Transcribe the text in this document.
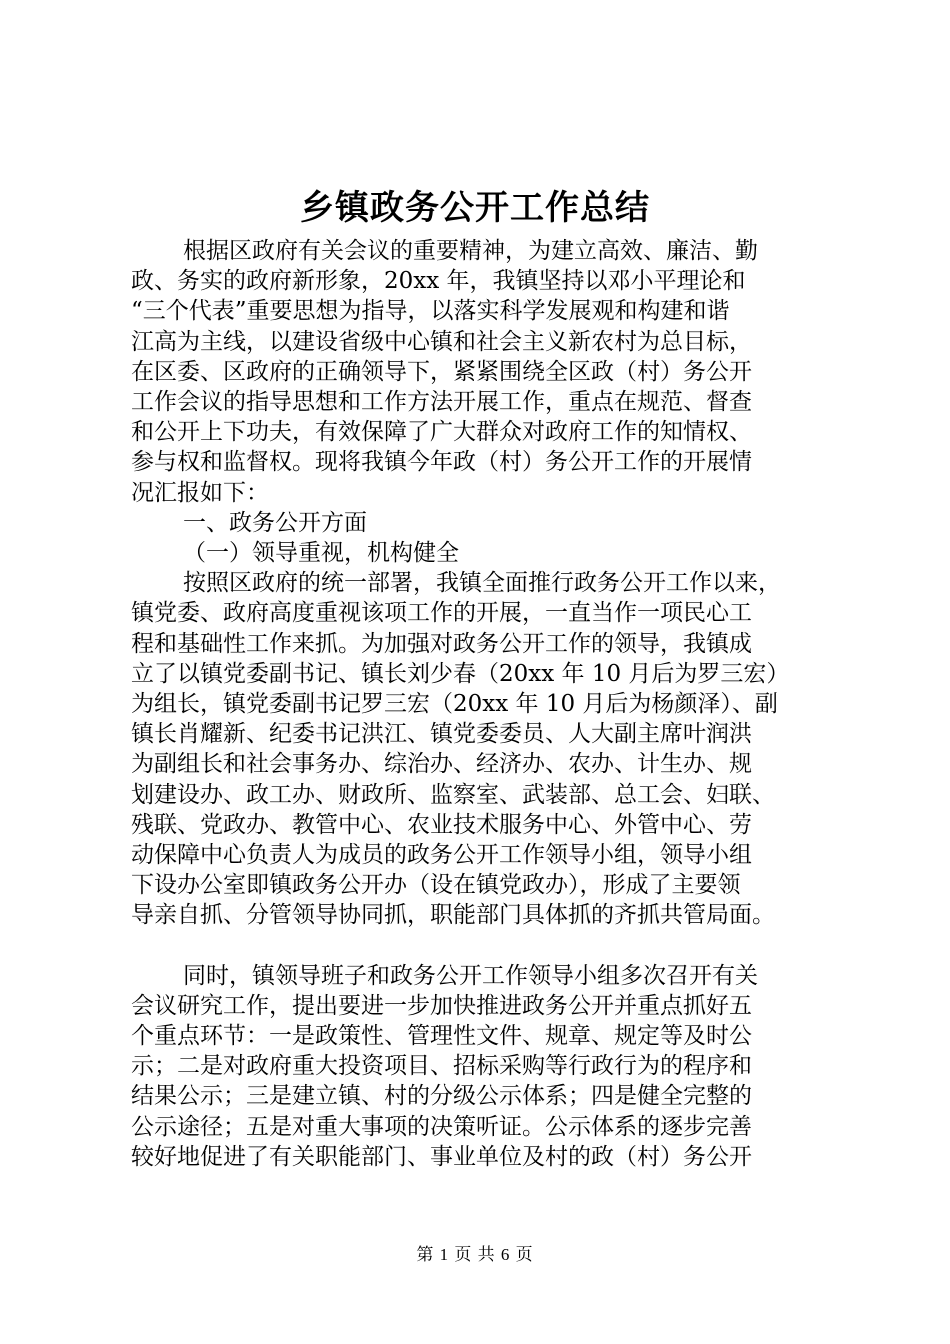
乡镇政务公开工作总结

根据区政府有关会议的重要精神，为建立高效、廉洁、勤
政、务实的政府新形象，20xx 年，我镇坚持以邓小平理论和
“三个代表”重要思想为指导，以落实科学发展观和构建和谐
江高为主线，以建设省级中心镇和社会主义新农村为总目标，
在区委、区政府的正确领导下，紧紧围绕全区政（村）务公开
工作会议的指导思想和工作方法开展工作，重点在规范、督查
和公开上下功夫，有效保障了广大群众对政府工作的知情权、
参与权和监督权。现将我镇今年政（村）务公开工作的开展情
况汇报如下：

一、政务公开方面

（一）领导重视，机构健全

按照区政府的统一部署，我镇全面推行政务公开工作以来，
镇党委、政府高度重视该项工作的开展，一直当作一项民心工
程和基础性工作来抓。为加强对政务公开工作的领导，我镇成
立了以镇党委副书记、镇长刘少春（20xx 年 10 月后为罗三宏）
为组长，镇党委副书记罗三宏（20xx 年 10 月后为杨颜泽）、副
镇长肖耀新、纪委书记洪江、镇党委委员、人大副主席叶润洪
为副组长和社会事务办、综治办、经济办、农办、计生办、规
划建设办、政工办、财政所、监察室、武装部、总工会、妇联、
残联、党政办、教管中心、农业技术服务中心、外管中心、劳
动保障中心负责人为成员的政务公开工作领导小组，领导小组
下设办公室即镇政务公开办（设在镇党政办），形成了主要领
导亲自抓、分管领导协同抓，职能部门具体抓的齐抓共管局面。

同时，镇领导班子和政务公开工作领导小组多次召开有关
会议研究工作，提出要进一步加快推进政务公开并重点抓好五
个重点环节：一是政策性、管理性文件、规章、规定等及时公
示；二是对政府重大投资项目、招标采购等行政行为的程序和
结果公示；三是建立镇、村的分级公示体系；四是健全完整的
公示途径；五是对重大事项的决策听证。公示体系的逐步完善
较好地促进了有关职能部门、事业单位及村的政（村）务公开

第 1 页 共 6 页
